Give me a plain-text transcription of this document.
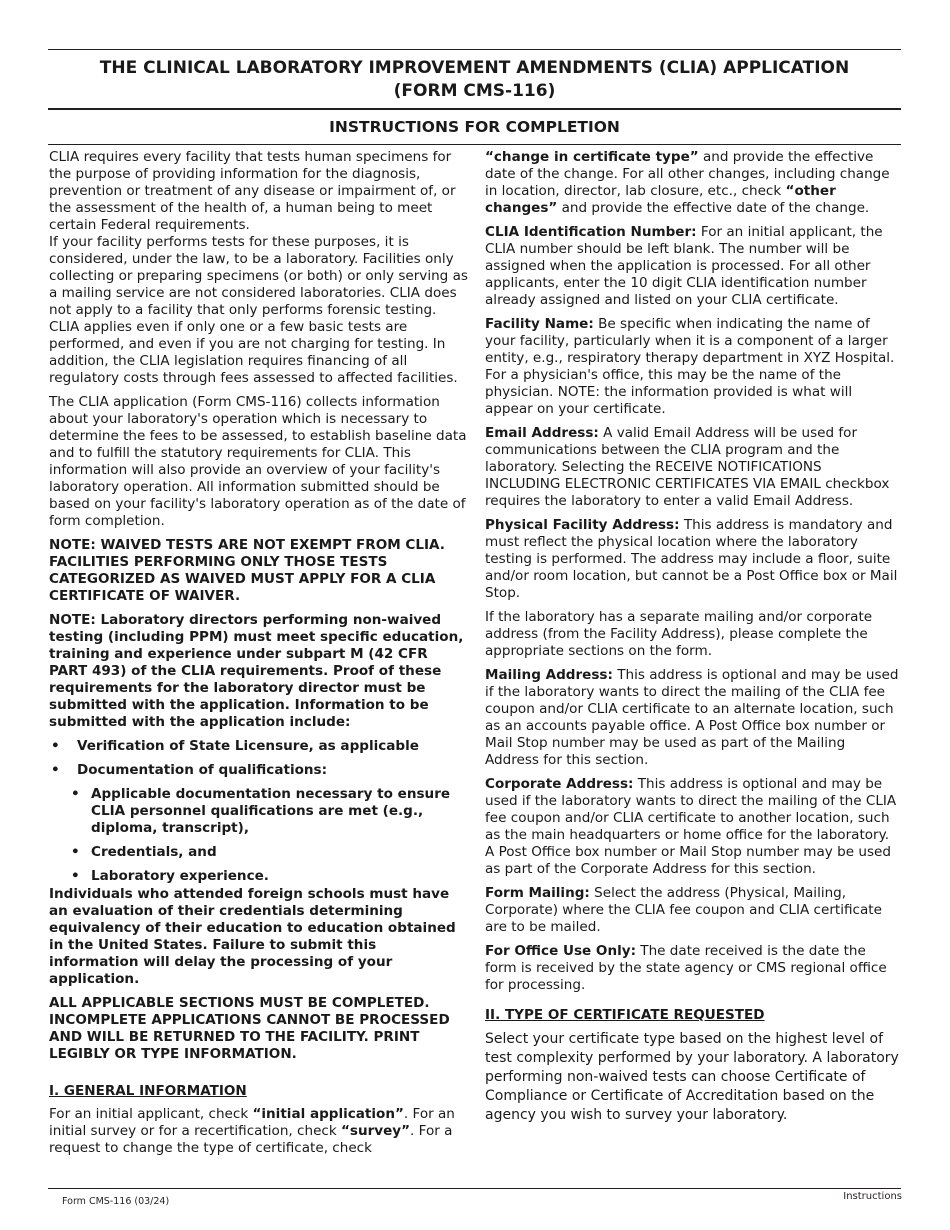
THE CLINICAL LABORATORY IMPROVEMENT AMENDMENTS (CLIA) APPLICATION
(FORM CMS-116)
INSTRUCTIONS FOR COMPLETION

CLIA requires every facility that tests human specimens for the purpose of providing information for the diagnosis, prevention or treatment of any disease or impairment of, or the assessment of the health of, a human being to meet certain Federal requirements.

If your facility performs tests for these purposes, it is considered, under the law, to be a laboratory. Facilities only collecting or preparing specimens (or both) or only serving as a mailing service are not considered laboratories. CLIA does not apply to a facility that only performs forensic testing. CLIA applies even if only one or a few basic tests are performed, and even if you are not charging for testing. In addition, the CLIA legislation requires financing of all regulatory costs through fees assessed to affected facilities.

The CLIA application (Form CMS-116) collects information about your laboratory's operation which is necessary to determine the fees to be assessed, to establish baseline data and to fulfill the statutory requirements for CLIA. This information will also provide an overview of your facility's laboratory operation. All information submitted should be based on your facility's laboratory operation as of the date of form completion.

NOTE: WAIVED TESTS ARE NOT EXEMPT FROM CLIA. FACILITIES PERFORMING ONLY THOSE TESTS CATEGORIZED AS WAIVED MUST APPLY FOR A CLIA CERTIFICATE OF WAIVER.

NOTE: Laboratory directors performing non-waived testing (including PPM) must meet specific education, training and experience under subpart M (42 CFR PART 493) of the CLIA requirements. Proof of these requirements for the laboratory director must be submitted with the application. Information to be submitted with the application include:

• Verification of State Licensure, as applicable
• Documentation of qualifications:
• Applicable documentation necessary to ensure CLIA personnel qualifications are met (e.g., diploma, transcript),
• Credentials, and
• Laboratory experience.

Individuals who attended foreign schools must have an evaluation of their credentials determining equivalency of their education to education obtained in the United States. Failure to submit this information will delay the processing of your application.

ALL APPLICABLE SECTIONS MUST BE COMPLETED. INCOMPLETE APPLICATIONS CANNOT BE PROCESSED AND WILL BE RETURNED TO THE FACILITY. PRINT LEGIBLY OR TYPE INFORMATION.

I. GENERAL INFORMATION

For an initial applicant, check “initial application”. For an initial survey or for a recertification, check “survey”. For a request to change the type of certificate, check

“change in certificate type” and provide the effective date of the change. For all other changes, including change in location, director, lab closure, etc., check “other changes” and provide the effective date of the change.

CLIA Identification Number: For an initial applicant, the CLIA number should be left blank. The number will be assigned when the application is processed. For all other applicants, enter the 10 digit CLIA identification number already assigned and listed on your CLIA certificate.

Facility Name: Be specific when indicating the name of your facility, particularly when it is a component of a larger entity, e.g., respiratory therapy department in XYZ Hospital. For a physician's office, this may be the name of the physician. NOTE: the information provided is what will appear on your certificate.

Email Address: A valid Email Address will be used for communications between the CLIA program and the laboratory. Selecting the RECEIVE NOTIFICATIONS INCLUDING ELECTRONIC CERTIFICATES VIA EMAIL checkbox requires the laboratory to enter a valid Email Address.

Physical Facility Address: This address is mandatory and must reflect the physical location where the laboratory testing is performed. The address may include a floor, suite and/or room location, but cannot be a Post Office box or Mail Stop.

If the laboratory has a separate mailing and/or corporate address (from the Facility Address), please complete the appropriate sections on the form.

Mailing Address: This address is optional and may be used if the laboratory wants to direct the mailing of the CLIA fee coupon and/or CLIA certificate to an alternate location, such as an accounts payable office. A Post Office box number or Mail Stop number may be used as part of the Mailing Address for this section.

Corporate Address: This address is optional and may be used if the laboratory wants to direct the mailing of the CLIA fee coupon and/or CLIA certificate to another location, such as the main headquarters or home office for the laboratory. A Post Office box number or Mail Stop number may be used as part of the Corporate Address for this section.

Form Mailing: Select the address (Physical, Mailing, Corporate) where the CLIA fee coupon and CLIA certificate are to be mailed.

For Office Use Only: The date received is the date the form is received by the state agency or CMS regional office for processing.

II. TYPE OF CERTIFICATE REQUESTED

Select your certificate type based on the highest level of test complexity performed by your laboratory. A laboratory performing non-waived tests can choose Certificate of Compliance or Certificate of Accreditation based on the agency you wish to survey your laboratory.

Form CMS-116 (03/24)	Instructions
